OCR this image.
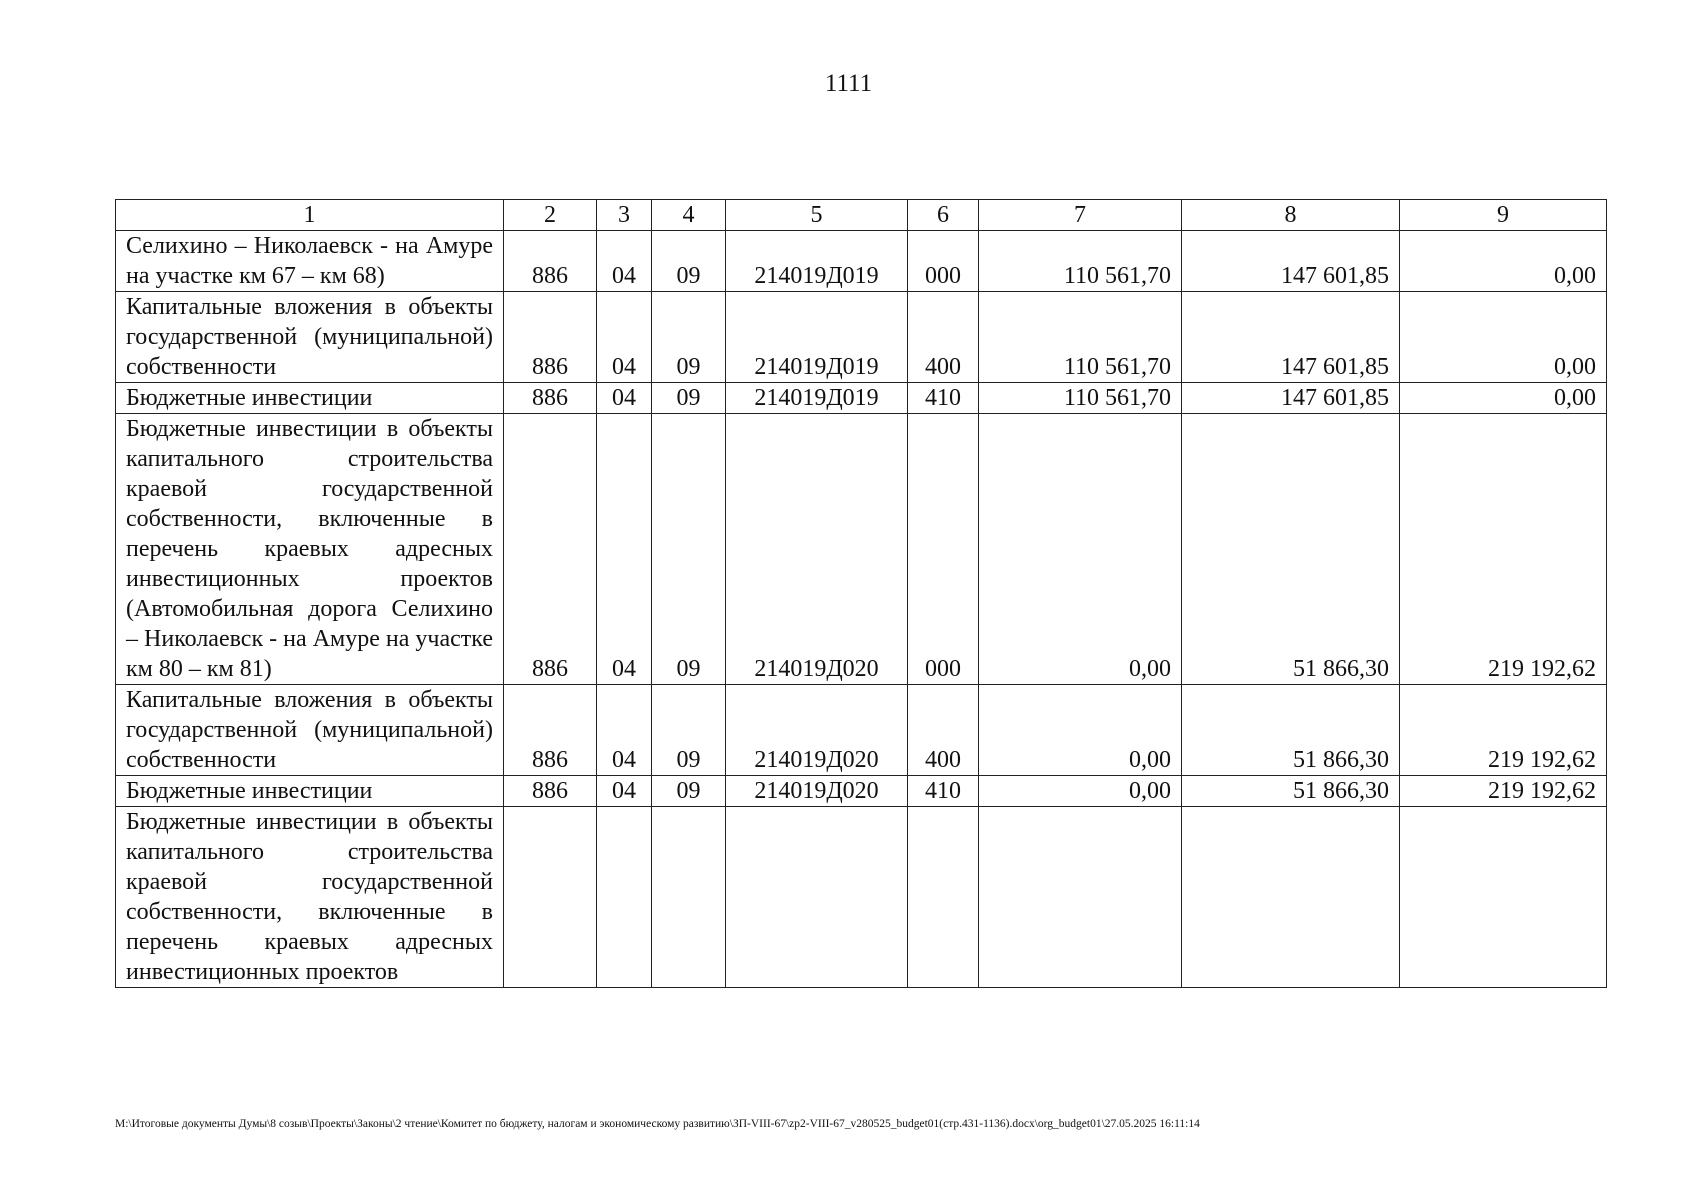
1111
1	2	3	4	5	6	7	8	9
Селихино – Николаевск - на Амуре на участке км 67 – км 68)	886	04	09	214019Д019	000	110 561,70	147 601,85	0,00
Капитальные вложения в объекты государственной (муниципальной) собственности	886	04	09	214019Д019	400	110 561,70	147 601,85	0,00
Бюджетные инвестиции	886	04	09	214019Д019	410	110 561,70	147 601,85	0,00
Бюджетные инвестиции в объекты капитального строительства краевой государственной собственности, включенные в перечень краевых адресных инвестиционных проектов (Автомобильная дорога Селихино – Николаевск - на Амуре на участке км 80 – км 81)	886	04	09	214019Д020	000	0,00	51 866,30	219 192,62
Капитальные вложения в объекты государственной (муниципальной) собственности	886	04	09	214019Д020	400	0,00	51 866,30	219 192,62
Бюджетные инвестиции	886	04	09	214019Д020	410	0,00	51 866,30	219 192,62
Бюджетные инвестиции в объекты капитального строительства краевой государственной собственности, включенные в перечень краевых адресных инвестиционных проектов								
M:\Итоговые документы Думы\8 созыв\Проекты\Законы\2 чтение\Комитет по бюджету, налогам и экономическому развитию\ЗП-VIII-67\zp2-VIII-67_v280525_budget01(стр.431-1136).docx\org_budget01\27.05.2025 16:11:14
